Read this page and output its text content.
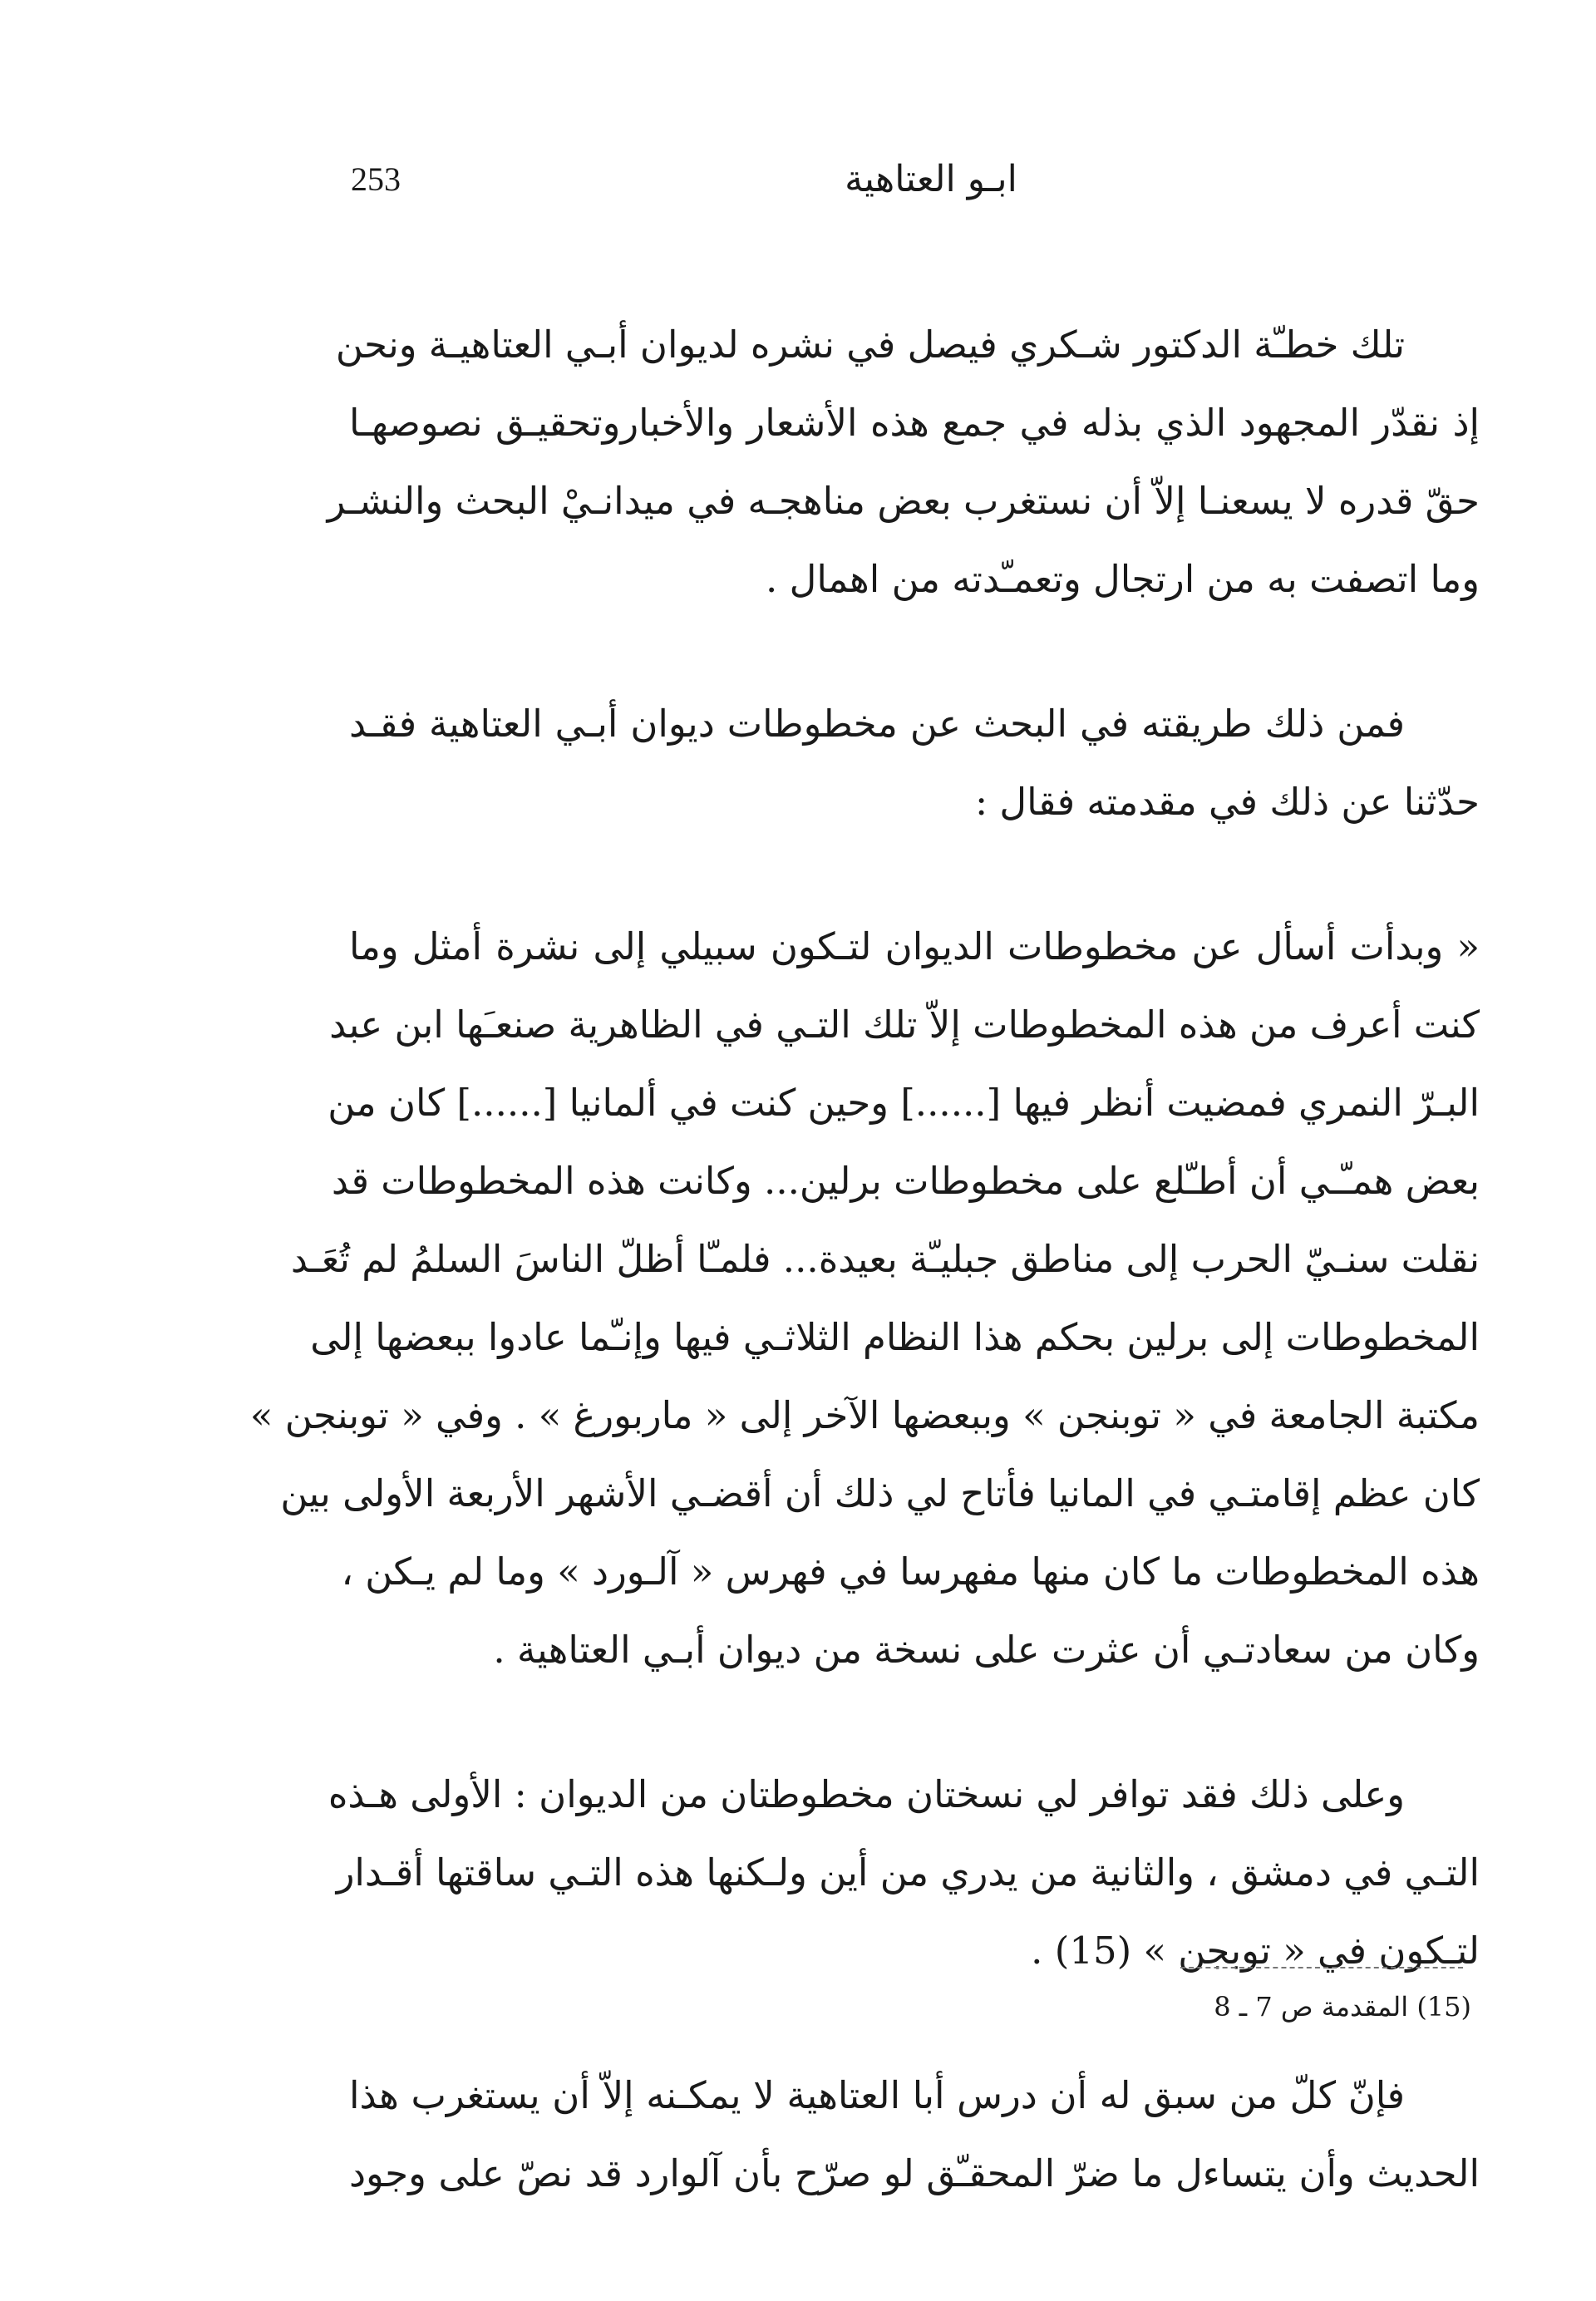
253	ابـو العتاهية
تلك خطـّة الدكتور شـكري فيصل في نشره لديوان أبـي العتاهيـة ونحن
إذ نقدّر المجهود الذي بذله في جمع هذه الأشعار والأخباروتحقيـق نصوصهـا
حقّ قدره لا يسعنـا إلاّ أن نستغرب بعض مناهجـه في ميدانـيْ البحث والنشـر
وما اتصفت به من ارتجال وتعمـّدته من اهمال .
فمن ذلك طريقته في البحث عن مخطوطات ديوان أبـي العتاهية فقـد
حدّثنا عن ذلك في مقدمته فقال :
« وبدأت أسأل عن مخطوطات الديوان لتـكون سبيلي إلى نشرة أمثل وما
كنت أعرف من هذه المخطوطات إلاّ تلك التـي في الظاهرية صنعـَها ابن عبد
البـرّ النمري فمضيت أنظر فيها [......] وحين كنت في ألمانيا [......] كان من
بعض همـّـي أن أطـّلع على مخطوطات برلين... وكانت هذه المخطوطات قد
نقلت سنـيّ الحرب إلى مناطق جبليـّة بعيدة... فلمـّا أظلّ الناسَ السلمُ لم تُعَـد
المخطوطات إلى برلين بحكم هذا النظام الثلاثـي فيها وإنـّما عادوا ببعضها إلى
مكتبة الجامعة في « توبنجن » وببعضها الآخر إلى « ماربورغ » . وفي « توبنجن »
كان عظم إقامتـي في المانيا فأتاح لي ذلك أن أقضـي الأشهر الأربعة الأولى بين
هذه المخطوطات ما كان منها مفهرسا في فهرس « آلـورد » وما لم يـكن ،
وكان من سعادتـي أن عثرت على نسخة من ديوان أبـي العتاهية .
وعلى ذلك فقد توافر لي نسختان مخطوطتان من الديوان : الأولى هـذه
التـي في دمشق ، والثانية من يدري من أين ولـكنها هذه التـي ساقتها أقـدار
لتـكون في « توبجن » (15) .
فإنّ كلّ من سبق له أن درس أبا العتاهية لا يمكـنه إلاّ أن يستغرب هذا
الحديث وأن يتساءل ما ضرّ المحقـّق لو صرّح بأن آلوارد قد نصّ على وجود
(15) المقدمة ص 7 ـ 8
